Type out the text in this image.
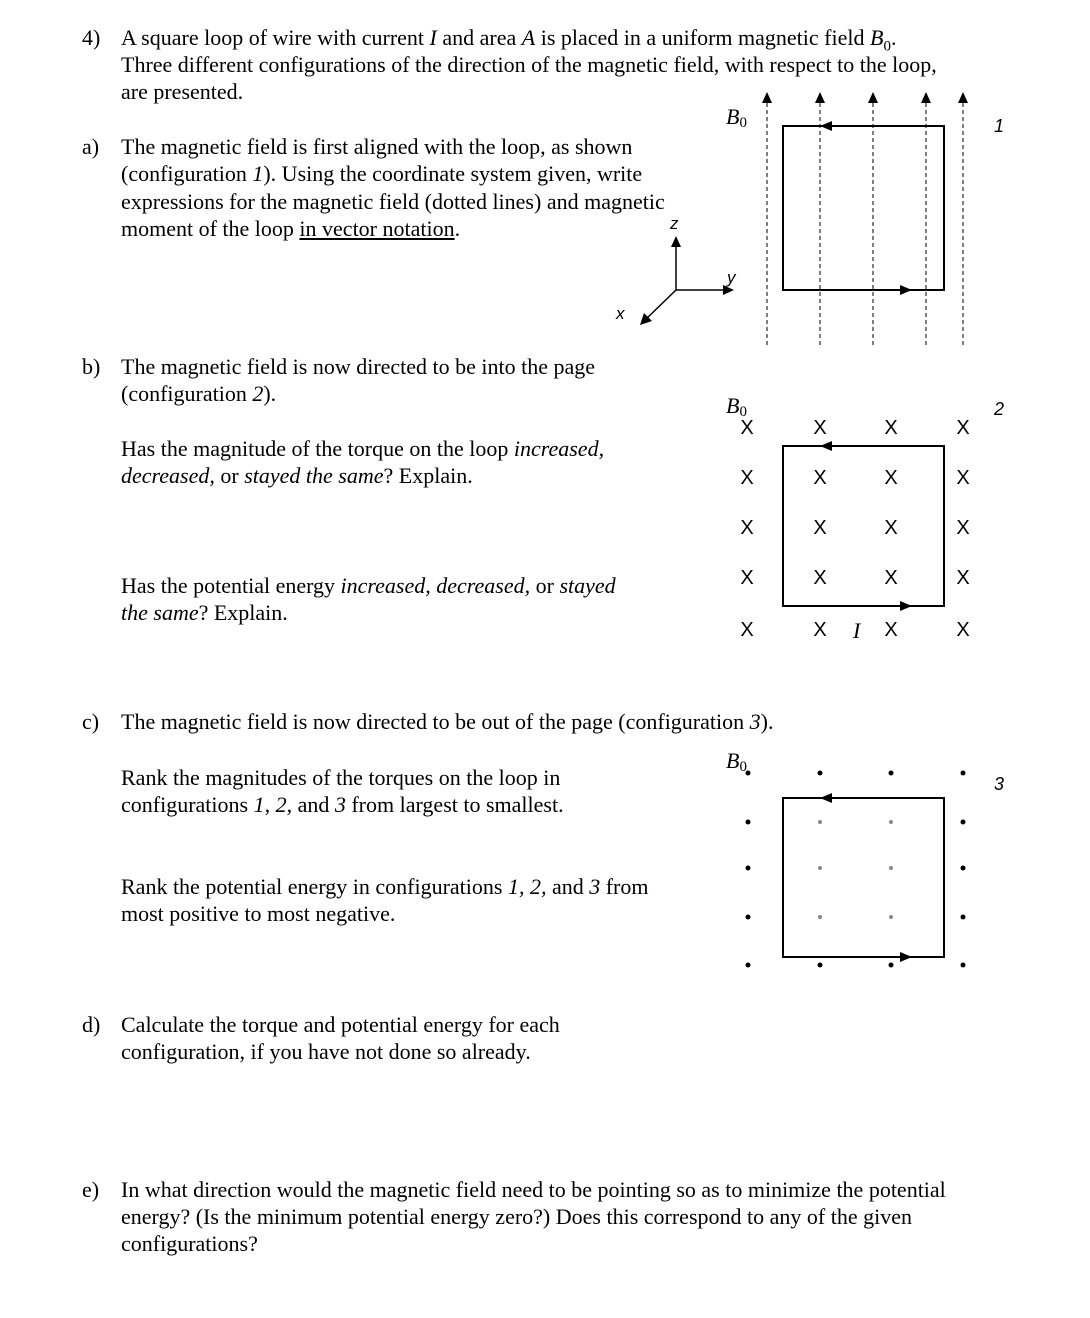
4) A square loop of wire with current I and area A is placed in a uniform magnetic field $B_0$.
Three different configurations of the direction of the magnetic field, with respect to the loop,
are presented.
a) The magnetic field is first aligned with the loop, as shown
(configuration 1). Using the coordinate system given, write
expressions for the magnetic field (dotted lines) and magnetic
moment of the loop in vector notation.
b) The magnetic field is now directed to be into the page
(configuration 2).
Has the magnitude of the torque on the loop increased,
decreased, or stayed the same? Explain.
Has the potential energy increased, decreased, or stayed
the same? Explain.
c) The magnetic field is now directed to be out of the page (configuration 3).
Rank the magnitudes of the torques on the loop in
configurations 1, 2, and 3 from largest to smallest.
Rank the potential energy in configurations 1, 2, and 3 from
most positive to most negative.
d) Calculate the torque and potential energy for each
configuration, if you have not done so already.
e) In what direction would the magnetic field need to be pointing so as to minimize the potential
energy? (Is the minimum potential energy zero?) Does this correspond to any of the given
configurations?
$B_0$	1
z
y
x
$B_0$	2
X	X	X	X
X	X	X	X
X	X	X	X
X	X	X	X
X	X I X	X
$B_0$
3
